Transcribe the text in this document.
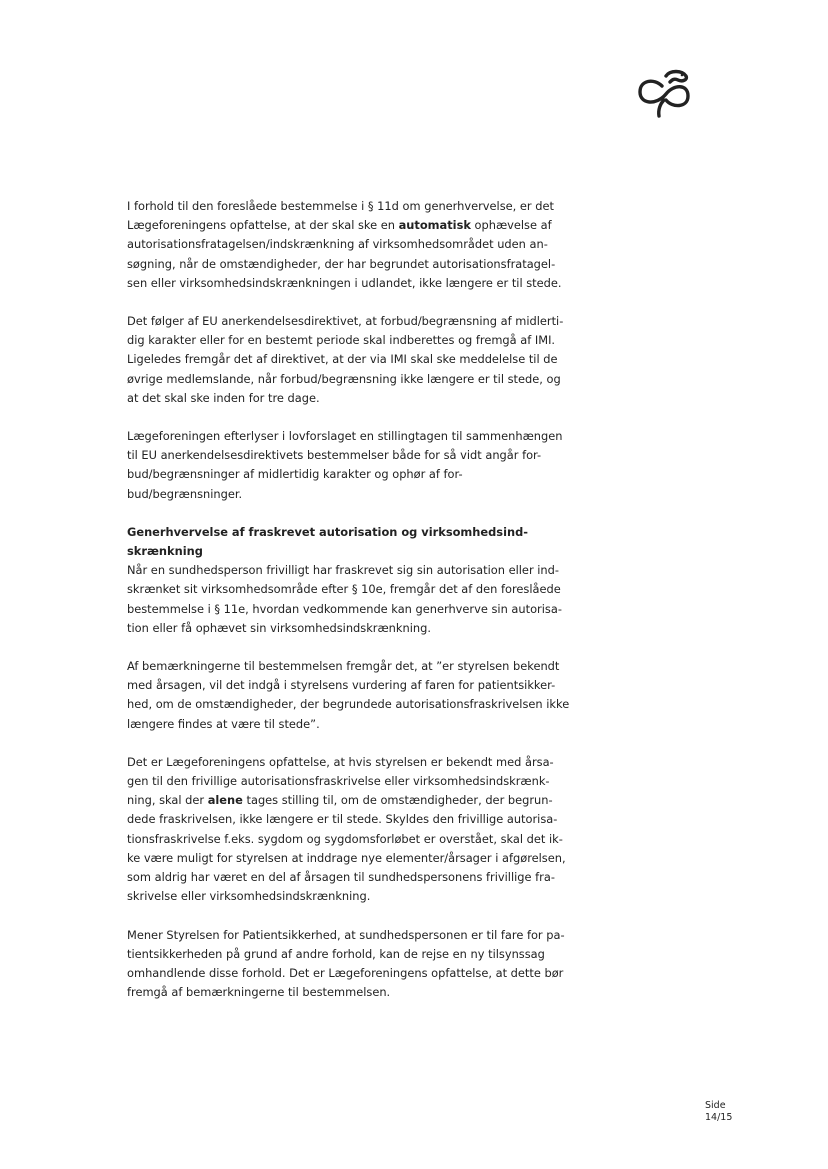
I forhold til den foreslåede bestemmelse i § 11d om generhvervelse, er det
Lægeforeningens opfattelse, at der skal ske en automatisk ophævelse af
autorisationsfratagelsen/indskrænkning af virksomhedsområdet uden an-
søgning, når de omstændigheder, der har begrundet autorisationsfratagel-
sen eller virksomhedsindskrænkningen i udlandet, ikke længere er til stede.
Det følger af EU anerkendelsesdirektivet, at forbud/begrænsning af midlerti-
dig karakter eller for en bestemt periode skal indberettes og fremgå af IMI.
Ligeledes fremgår det af direktivet, at der via IMI skal ske meddelelse til de
øvrige medlemslande, når forbud/begrænsning ikke længere er til stede, og
at det skal ske inden for tre dage.
Lægeforeningen efterlyser i lovforslaget en stillingtagen til sammenhængen
til EU anerkendelsesdirektivets bestemmelser både for så vidt angår for-
bud/begrænsninger af midlertidig karakter og ophør af for-
bud/begrænsninger.
Generhvervelse af fraskrevet autorisation og virksomhedsind-
skrænkning
Når en sundhedsperson frivilligt har fraskrevet sig sin autorisation eller ind-
skrænket sit virksomhedsområde efter § 10e, fremgår det af den foreslåede
bestemmelse i § 11e, hvordan vedkommende kan generhverve sin autorisa-
tion eller få ophævet sin virksomhedsindskrænkning.
Af bemærkningerne til bestemmelsen fremgår det, at ”er styrelsen bekendt
med årsagen, vil det indgå i styrelsens vurdering af faren for patientsikker-
hed, om de omstændigheder, der begrundede autorisationsfraskrivelsen ikke
længere findes at være til stede”.
Det er Lægeforeningens opfattelse, at hvis styrelsen er bekendt med årsa-
gen til den frivillige autorisationsfraskrivelse eller virksomhedsindskrænk-
ning, skal der alene tages stilling til, om de omstændigheder, der begrun-
dede fraskrivelsen, ikke længere er til stede. Skyldes den frivillige autorisa-
tionsfraskrivelse f.eks. sygdom og sygdomsforløbet er overstået, skal det ik-
ke være muligt for styrelsen at inddrage nye elementer/årsager i afgørelsen,
som aldrig har været en del af årsagen til sundhedspersonens frivillige fra-
skrivelse eller virksomhedsindskrænkning.
Mener Styrelsen for Patientsikkerhed, at sundhedspersonen er til fare for pa-
tientsikkerheden på grund af andre forhold, kan de rejse en ny tilsynssag
omhandlende disse forhold. Det er Lægeforeningens opfattelse, at dette bør
fremgå af bemærkningerne til bestemmelsen.
Side
14/15
